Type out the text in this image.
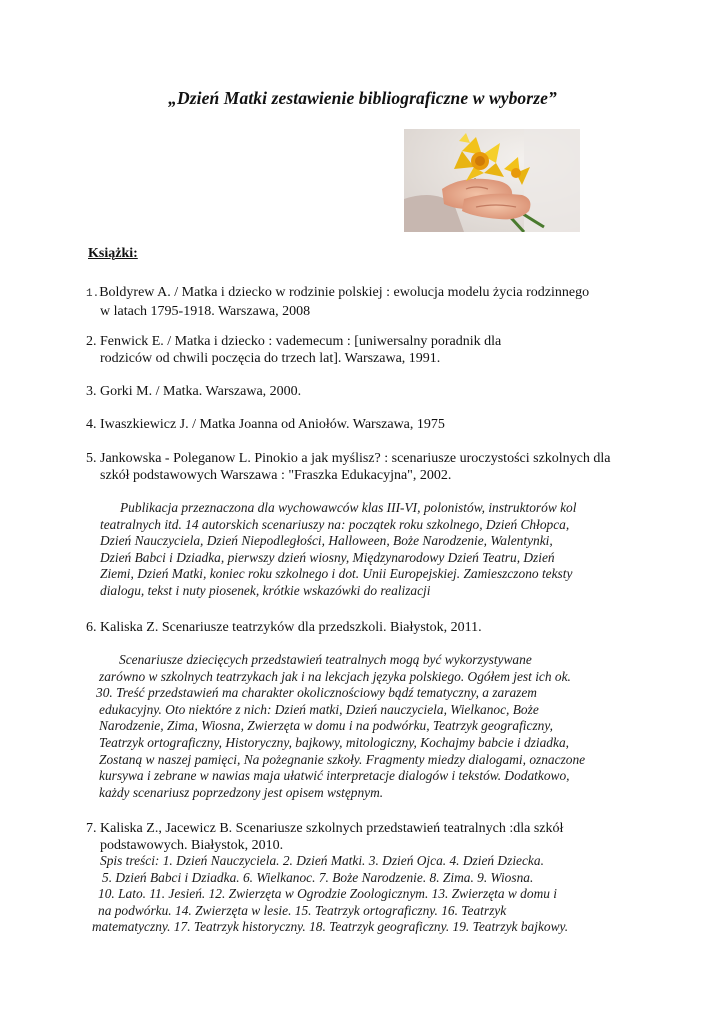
„Dzień Matki zestawienie bibliograficzne w wyborze”
Książki:
1.Boldyrew A. / Matka i dziecko w rodzinie polskiej : ewolucja modelu życia rodzinnego
w latach 1795-1918. Warszawa, 2008
2. Fenwick E. / Matka i dziecko : vademecum : [uniwersalny poradnik dla
rodziców od chwili poczęcia do trzech lat]. Warszawa, 1991.
3. Gorki M. / Matka. Warszawa, 2000.
4. Iwaszkiewicz J. / Matka Joanna od Aniołów. Warszawa, 1975
5. Jankowska - Poleganow L. Pinokio a jak myślisz? : scenariusze uroczystości szkolnych dla
szkół podstawowych Warszawa : "Fraszka Edukacyjna", 2002.
Publikacja przeznaczona dla wychowawców klas III-VI, polonistów, instruktorów kol
teatralnych itd. 14 autorskich scenariuszy na: początek roku szkolnego, Dzień Chłopca,
Dzień Nauczyciela, Dzień Niepodległości, Halloween, Boże Narodzenie, Walentynki,
Dzień Babci i Dziadka, pierwszy dzień wiosny, Międzynarodowy Dzień Teatru, Dzień
Ziemi, Dzień Matki, koniec roku szkolnego i dot. Unii Europejskiej. Zamieszczono teksty
dialogu, tekst i nuty piosenek, krótkie wskazówki do realizacji
6. Kaliska Z. Scenariusze teatrzyków dla przedszkoli. Białystok, 2011.
Scenariusze dziecięcych przedstawień teatralnych mogą być wykorzystywane
zarówno w szkolnych teatrzykach jak i na lekcjach języka polskiego. Ogółem jest ich ok.
30. Treść przedstawień ma charakter okolicznościowy bądź tematyczny, a zarazem
edukacyjny. Oto niektóre z nich: Dzień matki, Dzień nauczyciela, Wielkanoc, Boże
Narodzenie, Zima, Wiosna, Zwierzęta w domu i na podwórku, Teatrzyk geograficzny,
Teatrzyk ortograficzny, Historyczny, bajkowy, mitologiczny, Kochajmy babcie i dziadka,
Zostaną w naszej pamięci, Na pożegnanie szkoły. Fragmenty miedzy dialogami, oznaczone
kursywa i zebrane w nawias maja ułatwić interpretacje dialogów i tekstów. Dodatkowo,
każdy scenariusz poprzedzony jest opisem wstępnym.
7. Kaliska Z., Jacewicz B. Scenariusze szkolnych przedstawień teatralnych :dla szkół
podstawowych. Białystok, 2010.
Spis treści: 1. Dzień Nauczyciela. 2. Dzień Matki. 3. Dzień Ojca. 4. Dzień Dziecka.
5. Dzień Babci i Dziadka. 6. Wielkanoc. 7. Boże Narodzenie. 8. Zima. 9. Wiosna.
10. Lato. 11. Jesień. 12. Zwierzęta w Ogrodzie Zoologicznym. 13. Zwierzęta w domu i
na podwórku. 14. Zwierzęta w lesie. 15. Teatrzyk ortograficzny. 16. Teatrzyk
matematyczny. 17. Teatrzyk historyczny. 18. Teatrzyk geograficzny. 19. Teatrzyk bajkowy.
